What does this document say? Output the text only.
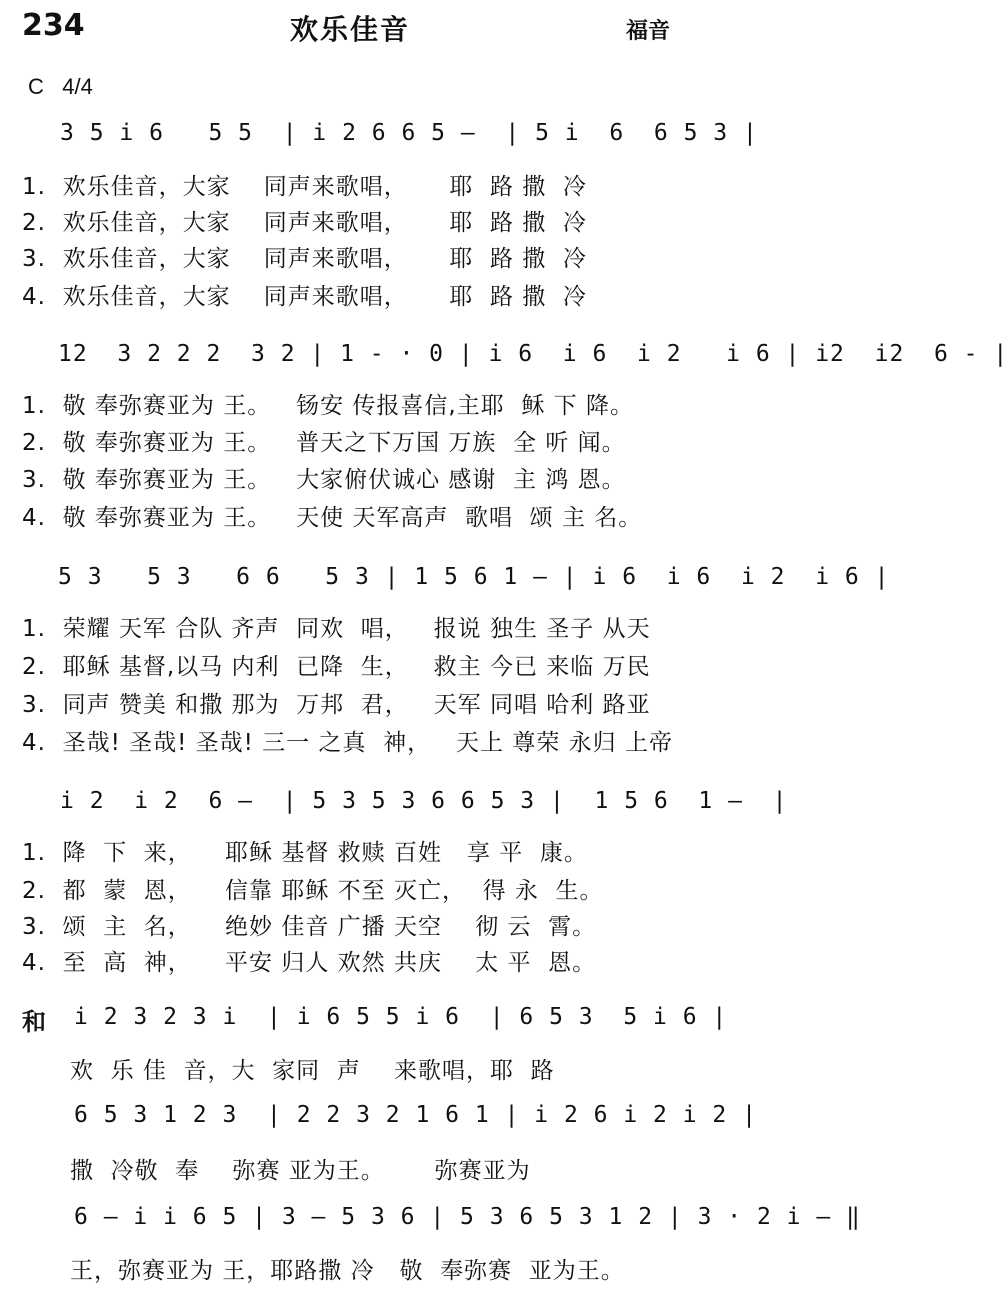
234	欢乐佳音	福音
C   4/4
3 5 i 6   5 5  | i 2 6 6 5 —  | 5 i  6  6 5 3 |
1.  欢乐佳音，大家    同声来歌唱，     耶  路 撒  冷
2.  欢乐佳音，大家    同声来歌唱，     耶  路 撒  冷
3.  欢乐佳音，大家    同声来歌唱，     耶  路 撒  冷
4.  欢乐佳音，大家    同声来歌唱，     耶  路 撒  冷
12  3 2 2 2  3 2 | 1 - · 0 | i 6  i 6  i 2   i 6 | i2  i2  6 - |
1.  敬 奉弥赛亚为 王。   钖安 传报喜信,主耶  稣 下 降。
2.  敬 奉弥赛亚为 王。   普天之下万国 万族  全 听 闻。
3.  敬 奉弥赛亚为 王。   大家俯伏诚心 感谢  主 鸿 恩。
4.  敬 奉弥赛亚为 王。   天使 天军高声  歌唱  颂 主 名。
5 3   5 3   6 6   5 3 | 1 5 6 1 — | i 6  i 6  i 2  i 6 |
1.  荣耀 天军 合队 齐声  同欢  唱，   报说 独生 圣子 从天
2.  耶稣 基督,以马 内利  已降  生，   救主 今已 来临 万民
3.  同声 赞美 和撒 那为  万邦  君，   天军 同唱 哈利 路亚
4.  圣哉! 圣哉! 圣哉! 三一 之真  神，   天上 尊荣 永归 上帝
i 2  i 2  6 —  | 5 3 5 3 6 6 5 3 |  1 5 6  1 —  |
1.  降  下  来，    耶稣 基督 救赎 百姓   享 平  康。
2.  都  蒙  恩，    信靠 耶稣 不至 灭亡，  得 永  生。
3.  颂  主  名，    绝妙 佳音 广播 天空    彻 云  霄。
4.  至  高  神，    平安 归人 欢然 共庆    太 平  恩。
和 i 2 3 2 3 i  | i 6 5 5 i 6  | 6 5 3  5 i 6 |
欢  乐 佳  音，大  家同  声    来歌唱，耶  路
6 5 3 1 2 3  | 2 2 3 2 1 6 1 | i 2 6 i 2 i 2 |
撒  冷敬  奉    弥赛 亚为王。      弥赛亚为
6 — i i 6 5 | 3 — 5 3 6 | 5 3 6 5 3 1 2 | 3 · 2 i — ‖
王，弥赛亚为 王，耶路撒 冷   敬  奉弥赛  亚为王。
